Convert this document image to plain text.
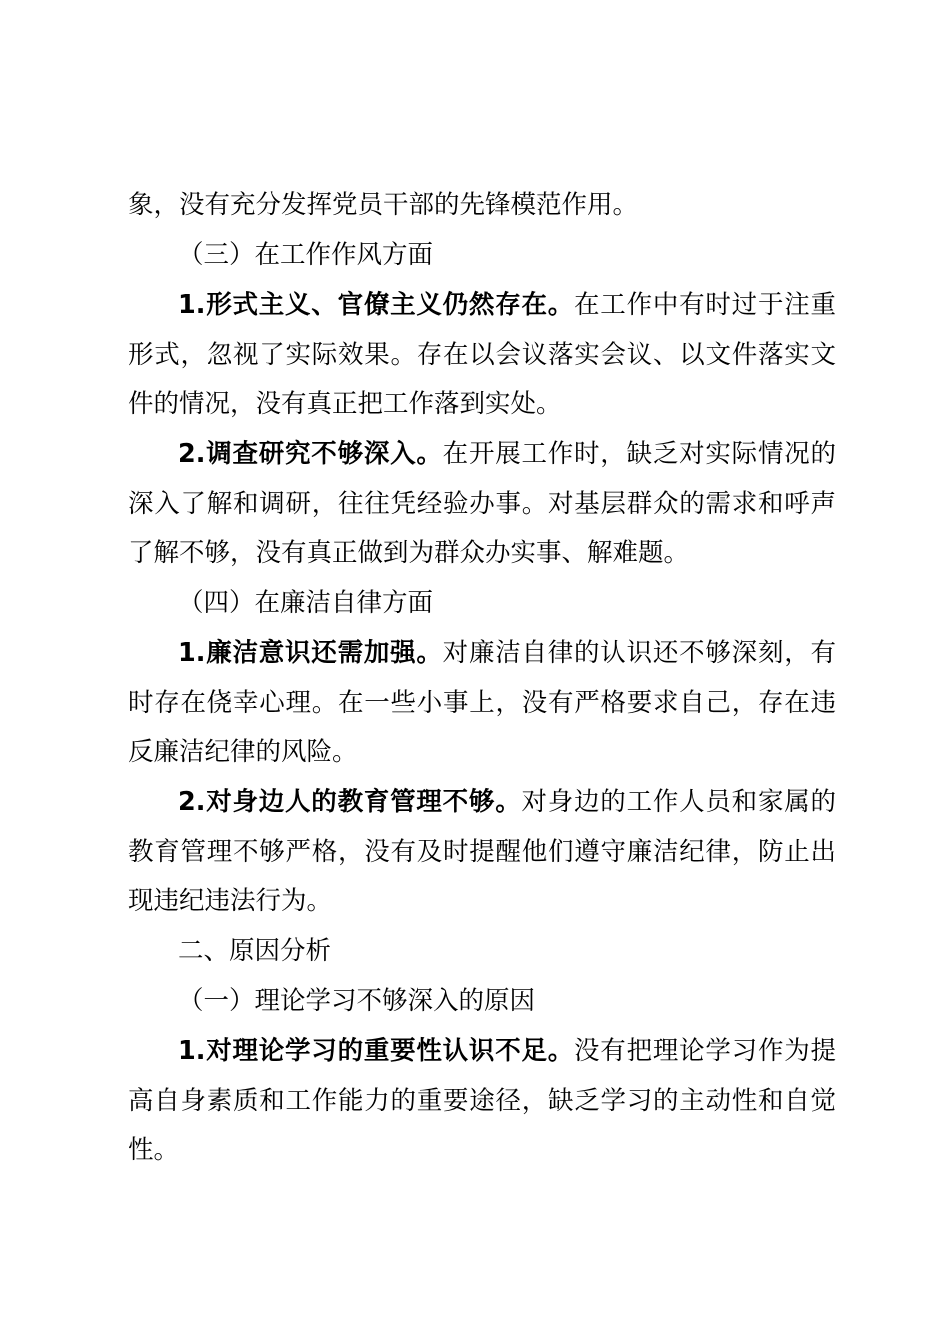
象，没有充分发挥党员干部的先锋模范作用。
（三）在工作作风方面
1.形式主义、官僚主义仍然存在。在工作中有时过于注重
形式，忽视了实际效果。存在以会议落实会议、以文件落实文
件的情况，没有真正把工作落到实处。
2.调查研究不够深入。在开展工作时，缺乏对实际情况的
深入了解和调研，往往凭经验办事。对基层群众的需求和呼声
了解不够，没有真正做到为群众办实事、解难题。
（四）在廉洁自律方面
1.廉洁意识还需加强。对廉洁自律的认识还不够深刻，有
时存在侥幸心理。在一些小事上，没有严格要求自己，存在违
反廉洁纪律的风险。
2.对身边人的教育管理不够。对身边的工作人员和家属的
教育管理不够严格，没有及时提醒他们遵守廉洁纪律，防止出
现违纪违法行为。
二、原因分析
（一）理论学习不够深入的原因
1.对理论学习的重要性认识不足。没有把理论学习作为提
高自身素质和工作能力的重要途径，缺乏学习的主动性和自觉
性。
